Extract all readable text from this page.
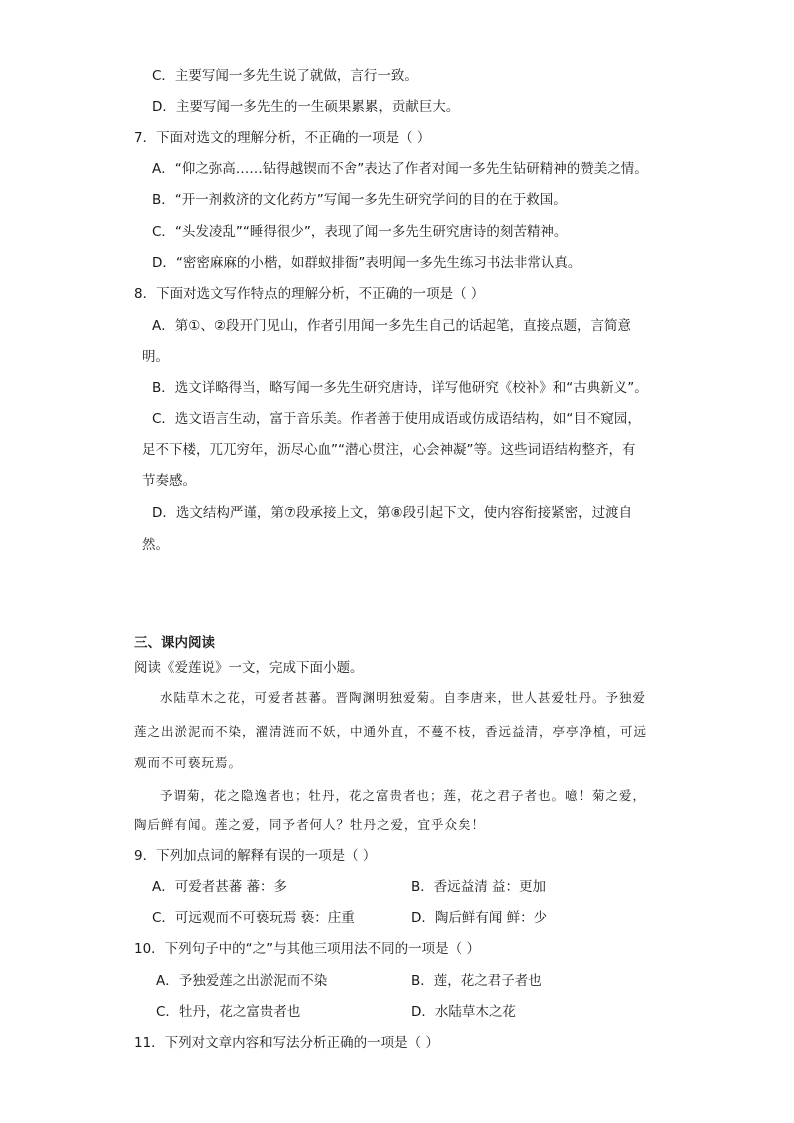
C．主要写闻一多先生说了就做，言行一致。
D．主要写闻一多先生的一生硕果累累，贡献巨大。
7．下面对选文的理解分析，不正确的一项是（ ）
A．“仰之弥高……钻得越锲而不舍”表达了作者对闻一多先生钻研精神的赞美之情。
B．“开一剂救济的文化药方”写闻一多先生研究学问的目的在于救国。
C．“头发凌乱”“睡得很少”，表现了闻一多先生研究唐诗的刻苦精神。
D．“密密麻麻的小楷，如群蚁排衙”表明闻一多先生练习书法非常认真。
8．下面对选文写作特点的理解分析，不正确的一项是（ ）
A．第①、②段开门见山，作者引用闻一多先生自己的话起笔，直接点题，言简意
明。
B．选文详略得当，略写闻一多先生研究唐诗，详写他研究《校补》和“古典新义”。
C．选文语言生动，富于音乐美。作者善于使用成语或仿成语结构，如“目不窥园，
足不下楼，兀兀穷年，沥尽心血”“潜心贯注，心会神凝”等。这些词语结构整齐，有
节奏感。
D．选文结构严谨，第⑦段承接上文，第⑧段引起下文，使内容衔接紧密，过渡自
然。
三、课内阅读
阅读《爱莲说》一文，完成下面小题。
水陆草木之花，可爱者甚蕃。晋陶渊明独爱菊。自李唐来，世人甚爱牡丹。予独爱
莲之出淤泥而不染，濯清涟而不妖，中通外直，不蔓不枝，香远益清，亭亭净植，可远
观而不可亵玩焉。
予谓菊，花之隐逸者也；牡丹，花之富贵者也；莲，花之君子者也。噫！菊之爱，
陶后鲜有闻。莲之爱，同予者何人？牡丹之爱，宜乎众矣！
9．下列加点词的解释有误的一项是（ ）
A．可爱者甚蕃 蕃：多	B．香远益清 益：更加
C．可远观而不可亵玩焉 亵：庄重	D．陶后鲜有闻 鲜：少
10．下列句子中的“之”与其他三项用法不同的一项是（ ）
A．予独爱莲之出淤泥而不染	B．莲，花之君子者也
C．牡丹，花之富贵者也	D．水陆草木之花
11．下列对文章内容和写法分析正确的一项是（ ）
